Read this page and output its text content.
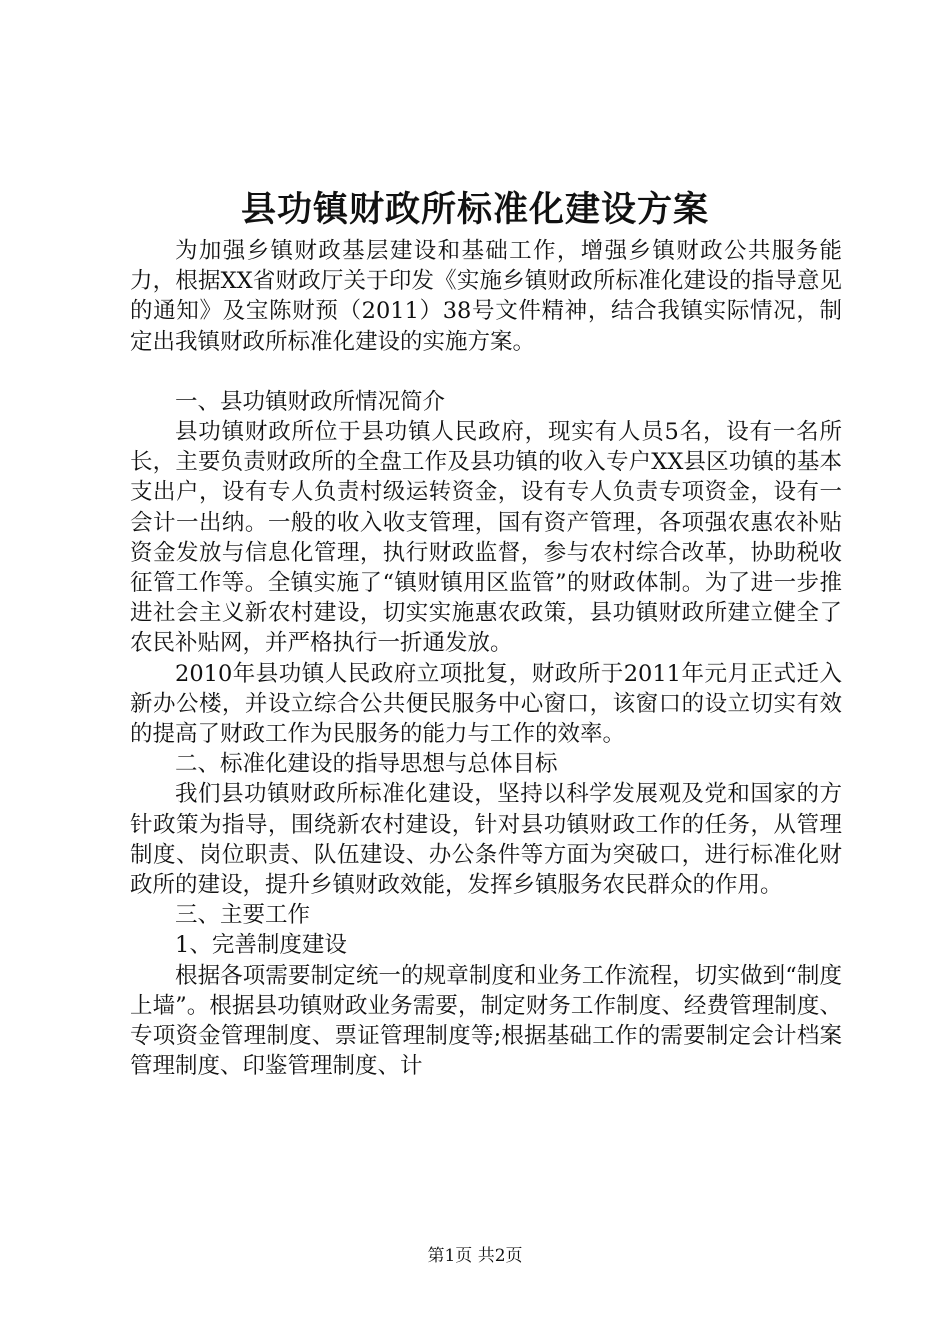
县功镇财政所标准化建设方案

为加强乡镇财政基层建设和基础工作，增强乡镇财政公共服务能力，根据XX省财政厅关于印发《实施乡镇财政所标准化建设的指导意见的通知》及宝陈财预（2011）38号文件精神，结合我镇实际情况，制定出我镇财政所标准化建设的实施方案。

一、县功镇财政所情况简介

县功镇财政所位于县功镇人民政府，现实有人员5名，设有一名所长，主要负责财政所的全盘工作及县功镇的收入专户XX县区功镇的基本支出户，设有专人负责村级运转资金，设有专人负责专项资金，设有一会计一出纳。一般的收入收支管理，国有资产管理，各项强农惠农补贴资金发放与信息化管理，执行财政监督，参与农村综合改革，协助税收征管工作等。全镇实施了“镇财镇用区监管”的财政体制。为了进一步推进社会主义新农村建设，切实实施惠农政策，县功镇财政所建立健全了农民补贴网，并严格执行一折通发放。

2010年县功镇人民政府立项批复，财政所于2011年元月正式迁入新办公楼，并设立综合公共便民服务中心窗口，该窗口的设立切实有效的提高了财政工作为民服务的能力与工作的效率。

二、标准化建设的指导思想与总体目标

我们县功镇财政所标准化建设，坚持以科学发展观及党和国家的方针政策为指导，围绕新农村建设，针对县功镇财政工作的任务，从管理制度、岗位职责、队伍建设、办公条件等方面为突破口，进行标准化财政所的建设，提升乡镇财政效能，发挥乡镇服务农民群众的作用。

三、主要工作

1、完善制度建设

根据各项需要制定统一的规章制度和业务工作流程，切实做到“制度上墙”。根据县功镇财政业务需要，制定财务工作制度、经费管理制度、专项资金管理制度、票证管理制度等;根据基础工作的需要制定会计档案管理制度、印鉴管理制度、计

第1页 共2页
